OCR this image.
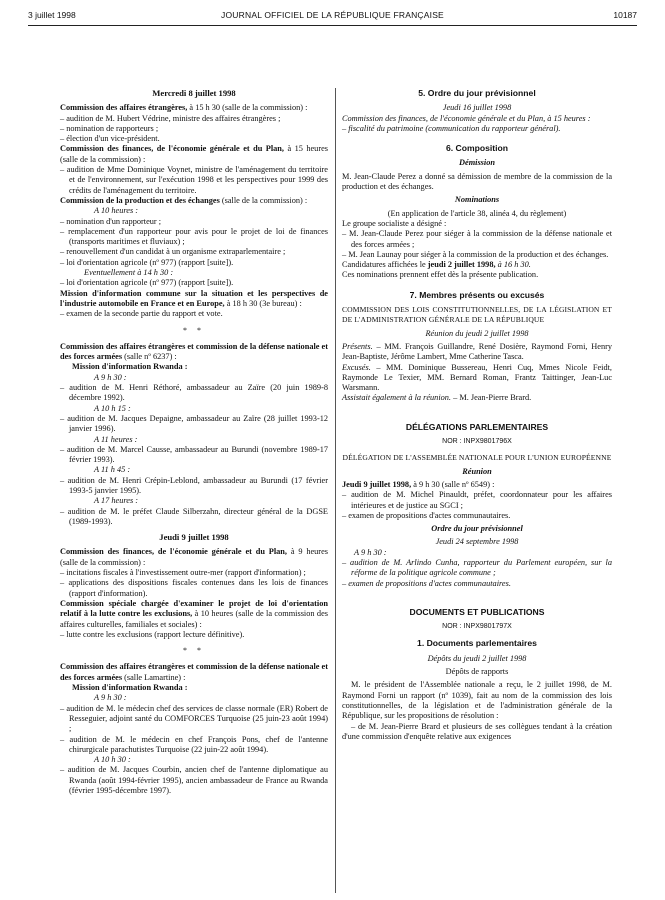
3 juillet 1998	JOURNAL OFFICIEL DE LA RÉPUBLIQUE FRANÇAISE	10187

Mercredi 8 juillet 1998

Commission des affaires étrangères, à 15 h 30 (salle de la commission) :

– audition de M. Hubert Védrine, ministre des affaires étrangères ;

– nomination de rapporteurs ;

– élection d'un vice-président.

Commission des finances, de l'économie générale et du Plan, à 15 heures (salle de la commission) :

– audition de Mme Dominique Voynet, ministre de l'aménagement du territoire et de l'environnement, sur l'exécution 1998 et les perspectives pour 1999 des crédits de l'aménagement du territoire.

Commission de la production et des échanges (salle de la commission) :

A 10 heures :

– nomination d'un rapporteur ;

– remplacement d'un rapporteur pour avis pour le projet de loi de finances (transports maritimes et fluviaux) ;

– renouvellement d'un candidat à un organisme extraparlementaire ;

– loi d'orientation agricole (nº 977) (rapport [suite]).

Eventuellement à 14 h 30 :

– loi d'orientation agricole (nº 977) (rapport [suite]).

Mission d'information commune sur la situation et les perspectives de l'industrie automobile en France et en Europe, à 18 h 30 (3e bureau) :

– examen de la seconde partie du rapport et vote.

* *

Commission des affaires étrangères et commission de la défense nationale et des forces armées (salle nº 6237) :

Mission d'information Rwanda :

A 9 h 30 :

– audition de M. Henri Réthoré, ambassadeur au Zaïre (20 juin 1989-8 décembre 1992).

A 10 h 15 :

– audition de M. Jacques Depaigne, ambassadeur au Zaïre (28 juillet 1993-12 janvier 1996).

A 11 heures :

– audition de M. Marcel Causse, ambassadeur au Burundi (novembre 1989-17 février 1993).

A 11 h 45 :

– audition de M. Henri Crépin-Leblond, ambassadeur au Burundi (17 février 1993-5 janvier 1995).

A 17 heures :

– audition de M. le préfet Claude Silberzahn, directeur général de la DGSE (1989-1993).

Jeudi 9 juillet 1998

Commission des finances, de l'économie générale et du Plan, à 9 heures (salle de la commission) :

– incitations fiscales à l'investissement outre-mer (rapport d'information) ;

– applications des dispositions fiscales contenues dans les lois de finances (rapport d'information).

Commission spéciale chargée d'examiner le projet de loi d'orientation relatif à la lutte contre les exclusions, à 10 heures (salle de la commission des affaires culturelles, familiales et sociales) :

– lutte contre les exclusions (rapport lecture définitive).

* *

Commission des affaires étrangères et commission de la défense nationale et des forces armées (salle Lamartine) :

Mission d'information Rwanda :

A 9 h 30 :

– audition de M. le médecin chef des services de classe normale (ER) Robert de Resseguier, adjoint santé du COMFORCES Turquoise (25 juin-23 août 1994) ;

– audition de M. le médecin en chef François Pons, chef de l'antenne chirurgicale parachutistes Turquoise (22 juin-22 août 1994).

A 10 h 30 :

– audition de M. Jacques Courbin, ancien chef de l'antenne diplomatique au Rwanda (août 1994-février 1995), ancien ambassadeur de France au Rwanda (février 1995-décembre 1997).

5. Ordre du jour prévisionnel

Jeudi 16 juillet 1998

Commission des finances, de l'économie générale et du Plan, à 15 heures :

– fiscalité du patrimoine (communication du rapporteur général).

6. Composition

Démission

M. Jean-Claude Perez a donné sa démission de membre de la commission de la production et des échanges.

Nominations

(En application de l'article 38, alinéa 4, du règlement)

Le groupe socialiste a désigné :

– M. Jean-Claude Perez pour siéger à la commission de la défense nationale et des forces armées ;

– M. Jean Launay pour siéger à la commission de la production et des échanges.

Candidatures affichées le jeudi 2 juillet 1998, à 16 h 30.

Ces nominations prennent effet dès la présente publication.

7. Membres présents ou excusés

COMMISSION DES LOIS CONSTITUTIONNELLES, DE LA LÉGISLATION ET DE L'ADMINISTRATION GÉNÉRALE DE LA RÉPUBLIQUE

Réunion du jeudi 2 juillet 1998

Présents. – MM. François Guillandre, René Dosière, Raymond Forni, Henry Jean-Baptiste, Jérôme Lambert, Mme Catherine Tasca.

Excusés. – MM. Dominique Bussereau, Henri Cuq, Mmes Nicole Feidt, Raymonde Le Texier, MM. Bernard Roman, Frantz Taittinger, Jean-Luc Warsmann.

Assistait également à la réunion. – M. Jean-Pierre Brard.

DÉLÉGATIONS PARLEMENTAIRES

NOR : INPX9801796X

DÉLÉGATION DE L'ASSEMBLÉE NATIONALE POUR L'UNION EUROPÉENNE

Réunion

Jeudi 9 juillet 1998, à 9 h 30 (salle nº 6549) :

– audition de M. Michel Pinauldt, préfet, coordonnateur pour les affaires intérieures et de justice au SGCI ;

– examen de propositions d'actes communautaires.

Ordre du jour prévisionnel

Jeudi 24 septembre 1998

A 9 h 30 :

– audition de M. Arlindo Cunha, rapporteur du Parlement européen, sur la réforme de la politique agricole commune ;

– examen de propositions d'actes communautaires.

DOCUMENTS ET PUBLICATIONS

NOR : INPX9801797X

1. Documents parlementaires

Dépôts du jeudi 2 juillet 1998

Dépôts de rapports

M. le président de l'Assemblée nationale a reçu, le 2 juillet 1998, de M. Raymond Forni un rapport (nº 1039), fait au nom de la commission des lois constitutionnelles, de la législation et de l'administration générale de la République, sur les propositions de résolution :

– de M. Jean-Pierre Brard et plusieurs de ses collègues tendant à la création d'une commission d'enquête relative aux exigences
